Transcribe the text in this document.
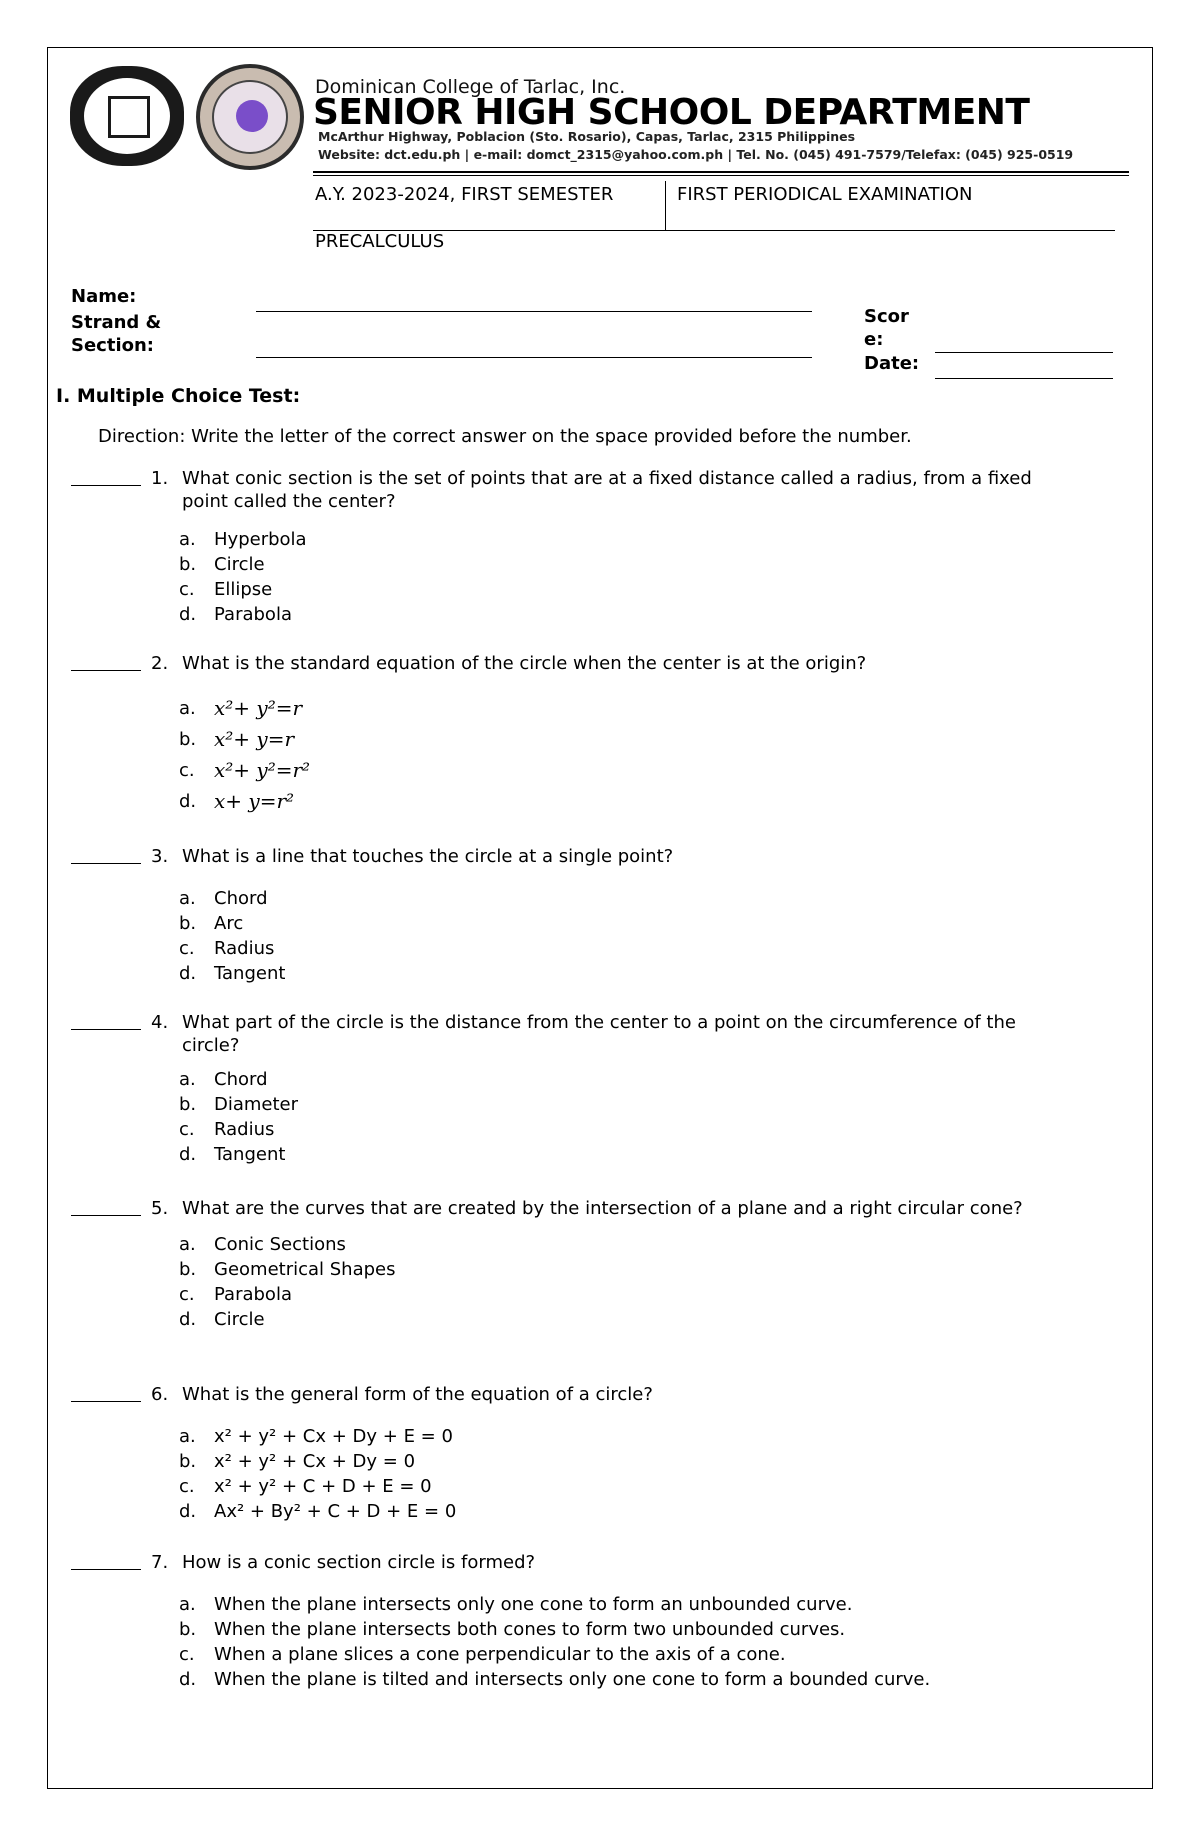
Dominican College of Tarlac, Inc.
SENIOR HIGH SCHOOL DEPARTMENT
McArthur Highway, Poblacion (Sto. Rosario), Capas, Tarlac, 2315 Philippines
Website: dct.edu.ph | e-mail: domct_2315@yahoo.com.ph | Tel. No. (045) 491-7579/Telefax: (045) 925-0519
A.Y. 2023-2024, FIRST SEMESTER	FIRST PERIODICAL EXAMINATION
PRECALCULUS
Name:
Strand & Section:
Score:
Date:
I. Multiple Choice Test:
Direction: Write the letter of the correct answer on the space provided before the number.
1. What conic section is the set of points that are at a fixed distance called a radius, from a fixed point called the center?
a.	Hyperbola
b. Circle
c.	Ellipse
d. Parabola
2. What is the standard equation of the circle when the center is at the origin?
a. x²+ y²=r
b. x²+ y=r
c. x²+ y²=r²
d. x+ y=r²
3. What is a line that touches the circle at a single point?
a.	Chord
b. Arc
c.	Radius
d. Tangent
4. What part of the circle is the distance from the center to a point on the circumference of the circle?
a.	Chord
b. Diameter
c.	Radius
d. Tangent
5. What are the curves that are created by the intersection of a plane and a right circular cone?
a.	Conic Sections
b. Geometrical Shapes
c.	Parabola
d. Circle
6. What is the general form of the equation of a circle?
a.	x² + y² + Cx + Dy + E = 0
b. x² + y² + Cx + Dy = 0
c.	x² + y² + C + D + E = 0
d. Ax² + By² + C + D + E = 0
7. How is a conic section circle is formed?
a.	When the plane intersects only one cone to form an unbounded curve.
b. When the plane intersects both cones to form two unbounded curves.
c.	When a plane slices a cone perpendicular to the axis of a cone.
d. When the plane is tilted and intersects only one cone to form a bounded curve.
